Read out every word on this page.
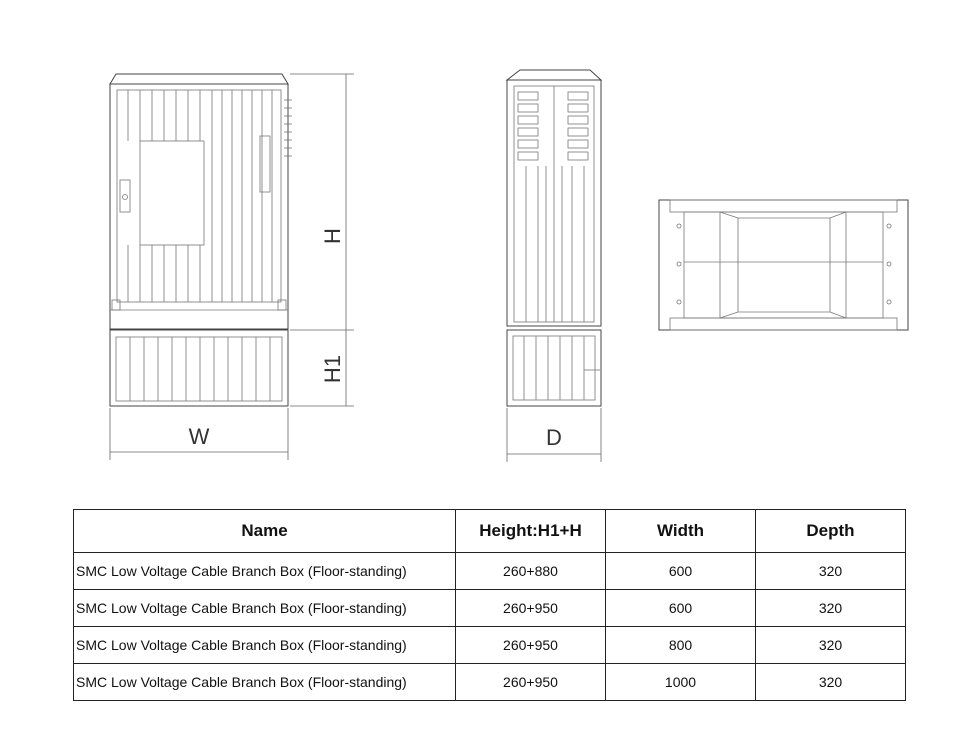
H
H1
W	D
Name	Height:H1+H	Width	Depth
SMC Low Voltage Cable Branch Box (Floor-standing)	260+880	600	320
SMC Low Voltage Cable Branch Box (Floor-standing)	260+950	600	320
SMC Low Voltage Cable Branch Box (Floor-standing)	260+950	800	320
SMC Low Voltage Cable Branch Box (Floor-standing)	260+950	1000	320
